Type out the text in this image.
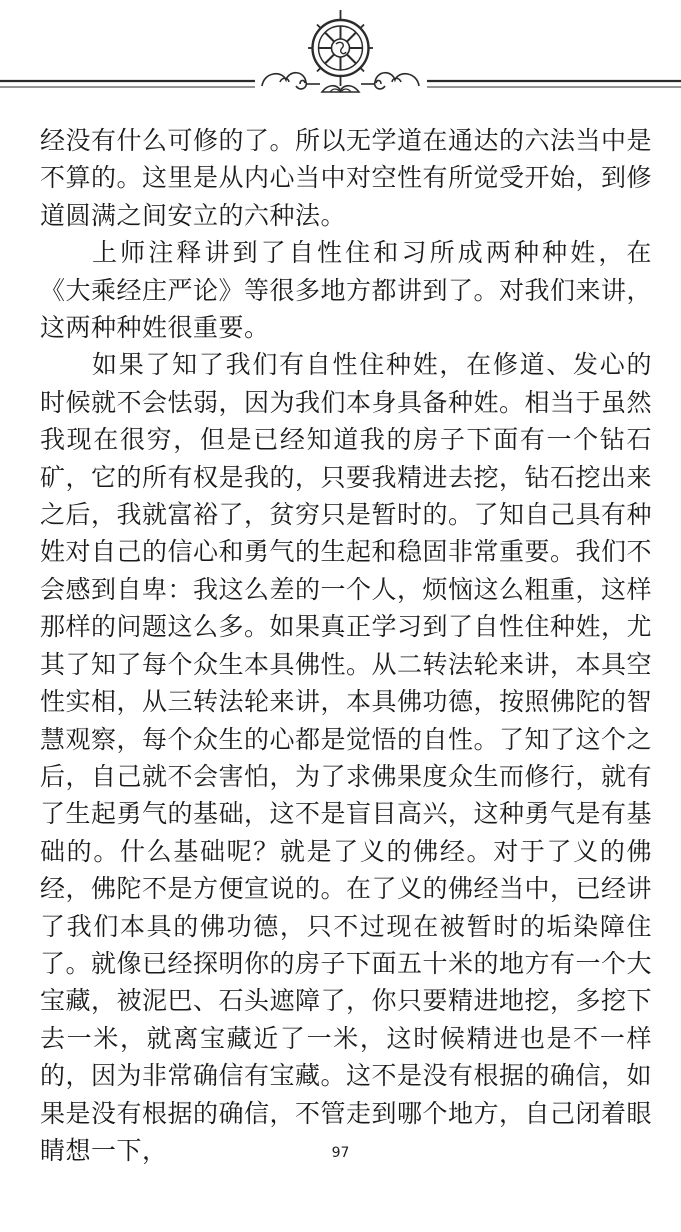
经没有什么可修的了。所以无学道在通达的六法当中是不算的。这里是从内心当中对空性有所觉受开始，到修道圆满之间安立的六种法。

上师注释讲到了自性住和习所成两种种姓，在《大乘经庄严论》等很多地方都讲到了。对我们来讲，这两种种姓很重要。

如果了知了我们有自性住种姓，在修道、发心的时候就不会怯弱，因为我们本身具备种姓。相当于虽然我现在很穷，但是已经知道我的房子下面有一个钻石矿，它的所有权是我的，只要我精进去挖，钻石挖出来之后，我就富裕了，贫穷只是暂时的。了知自己具有种姓对自己的信心和勇气的生起和稳固非常重要。我们不会感到自卑：我这么差的一个人，烦恼这么粗重，这样那样的问题这么多。如果真正学习到了自性住种姓，尤其了知了每个众生本具佛性。从二转法轮来讲，本具空性实相，从三转法轮来讲，本具佛功德，按照佛陀的智慧观察，每个众生的心都是觉悟的自性。了知了这个之后，自己就不会害怕，为了求佛果度众生而修行，就有了生起勇气的基础，这不是盲目高兴，这种勇气是有基础的。什么基础呢？就是了义的佛经。对于了义的佛经，佛陀不是方便宣说的。在了义的佛经当中，已经讲了我们本具的佛功德，只不过现在被暂时的垢染障住了。就像已经探明你的房子下面五十米的地方有一个大宝藏，被泥巴、石头遮障了，你只要精进地挖，多挖下去一米，就离宝藏近了一米，这时候精进也是不一样的，因为非常确信有宝藏。这不是没有根据的确信，如果是没有根据的确信，不管走到哪个地方，自己闭着眼睛想一下，	97
